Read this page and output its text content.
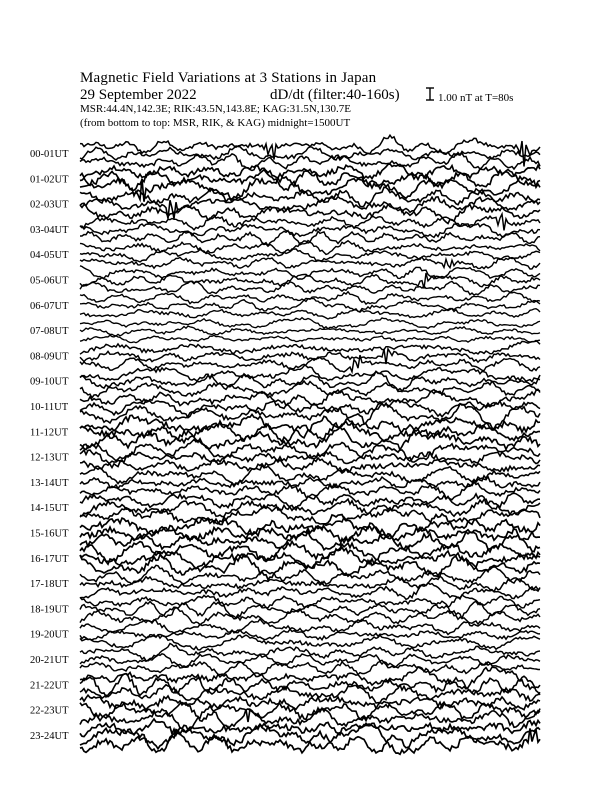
00-01UT
01-02UT
02-03UT
03-04UT
04-05UT
05-06UT
06-07UT
07-08UT
08-09UT
09-10UT
10-11UT
11-12UT
12-13UT
13-14UT
14-15UT
15-16UT
16-17UT
17-18UT
18-19UT
19-20UT
20-21UT
21-22UT
22-23UT
23-24UT
Magnetic Field Variations at 3 Stations in Japan
29 September 2022	dD/dt (filter:40-160s)
MSR:44.4N,142.3E; RIK:43.5N,143.8E; KAG:31.5N,130.7E
(from bottom to top: MSR, RIK, & KAG) midnight=1500UT
1.00 nT at T=80s
